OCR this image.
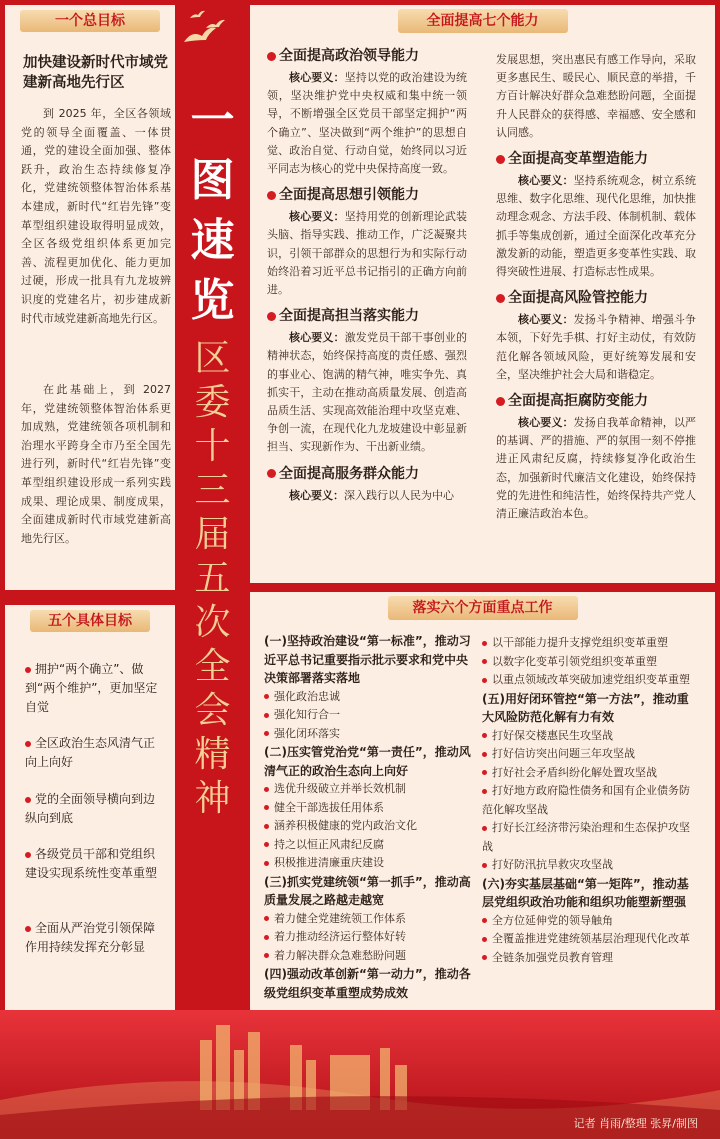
一个总目标
加快建设新时代市域党建新高地先行区
到 2025 年，全区各领域党的领导全面覆盖、一体贯通，党的建设全面加强、整体跃升，政治生态持续修复净化，党建统领整体智治体系基本建成，新时代“红岩先锋”变革型组织建设取得明显成效，全区各级党组织体系更加完善、流程更加优化、能力更加过硬，形成一批具有九龙坡辨识度的党建名片，初步建成新时代市域党建新高地先行区。
在此基础上，到 2027 年，党建统领整体智治体系更加成熟，党建统领各项机制和治理水平跨身全市乃至全国先进行列，新时代“红岩先锋”变革型组织建设形成一系列实践成果、理论成果、制度成果，全面建成新时代市域党建新高地先行区。
五个具体目标
拥护“两个确立”、做到“两个维护”，更加坚定自觉
全区政治生态风清气正向上向好
党的全面领导横向到边纵向到底
各级党员干部和党组织建设实现系统性变革重塑
全面从严治党引领保障作用持续发挥充分彰显
一
图
速
览
区
委
十
三
届
五
次
全
会
精
神
全面提高七个能力

全面提高政治领导能力

核心要义：坚持以党的政治建设为统领，坚决维护党中央权威和集中统一领导，不断增强全区党员干部坚定拥护“两个确立”、坚决做到“两个维护”的思想自觉、政治自觉、行动自觉，始终同以习近平同志为核心的党中央保持高度一致。

全面提高思想引领能力

核心要义：坚持用党的创新理论武装头脑、指导实践、推动工作，广泛凝聚共识，引领干部群众的思想行为和实际行动始终沿着习近平总书记指引的正确方向前进。

全面提高担当落实能力

核心要义：激发党员干部干事创业的精神状态，始终保持高度的责任感、强烈的事业心、饱满的精气神，唯实争先、真抓实干，主动在推动高质量发展、创造高品质生活、实现高效能治理中攻坚克难、争创一流，在现代化九龙坡建设中彰显新担当、实现新作为、干出新业绩。

全面提高服务群众能力

核心要义：深入践行以人民为中心

发展思想，突出惠民有感工作导向，采取更多惠民生、暖民心、顺民意的举措，千方百计解决好群众急难愁盼问题，全面提升人民群众的获得感、幸福感、安全感和认同感。

全面提高变革塑造能力

核心要义：坚持系统观念，树立系统思维、数字化思维、现代化思维，加快推动理念观念、方法手段、体制机制、载体抓手等集成创新，通过全面深化改革充分激发新的动能，塑造更多变革性实践、取得突破性进展、打造标志性成果。

全面提高风险管控能力

核心要义：发扬斗争精神、增强斗争本领，下好先手棋、打好主动仗，有效防范化解各领域风险，更好统筹发展和安全，坚决维护社会大局和谐稳定。

全面提高拒腐防变能力

核心要义：发扬自我革命精神，以严的基调、严的措施、严的氛围一刻不停推进正风肃纪反腐，持续修复净化政治生态，加强新时代廉洁文化建设，始终保持党的先进性和纯洁性，始终保持共产党人清正廉洁政治本色。

落实六个方面重点工作

(一)坚持政治建设“第一标准”，推动习近平总书记重要指示批示要求和党中央决策部署落实落地

强化政治忠诚

强化知行合一

强化闭环落实

(二)压实管党治党“第一责任”，推动风清气正的政治生态向上向好

选优升级破立并举长效机制

健全干部选拔任用体系

涵养积极健康的党内政治文化

持之以恒正风肃纪反腐

积极推进清廉重庆建设

(三)抓实党建统领“第一抓手”，推动高质量发展之路越走越宽

着力健全党建统领工作体系

着力推动经济运行整体好转

着力解决群众急难愁盼问题

(四)强动改革创新“第一动力”，推动各级党组织变革重塑成势成效

以干部能力提升支撑党组织变革重塑

以数字化变革引领党组织变革重塑

以重点领域改革突破加速党组织变革重塑

(五)用好闭环管控“第一方法”，推动重大风险防范化解有力有效

打好保交楼惠民生攻坚战

打好信访突出问题三年攻坚战

打好社会矛盾纠纷化解处置攻坚战

打好地方政府隐性债务和国有企业债务防范化解攻坚战

打好长江经济带污染治理和生态保护攻坚战

打好防汛抗旱救灾攻坚战

(六)夯实基层基础“第一矩阵”，推动基层党组织政治功能和组织功能塑新塑强

全方位延伸党的领导触角

全覆盖推进党建统领基层治理现代化改革

全链条加强党员教育管理

记者 肖雨/整理 张昇/制图
